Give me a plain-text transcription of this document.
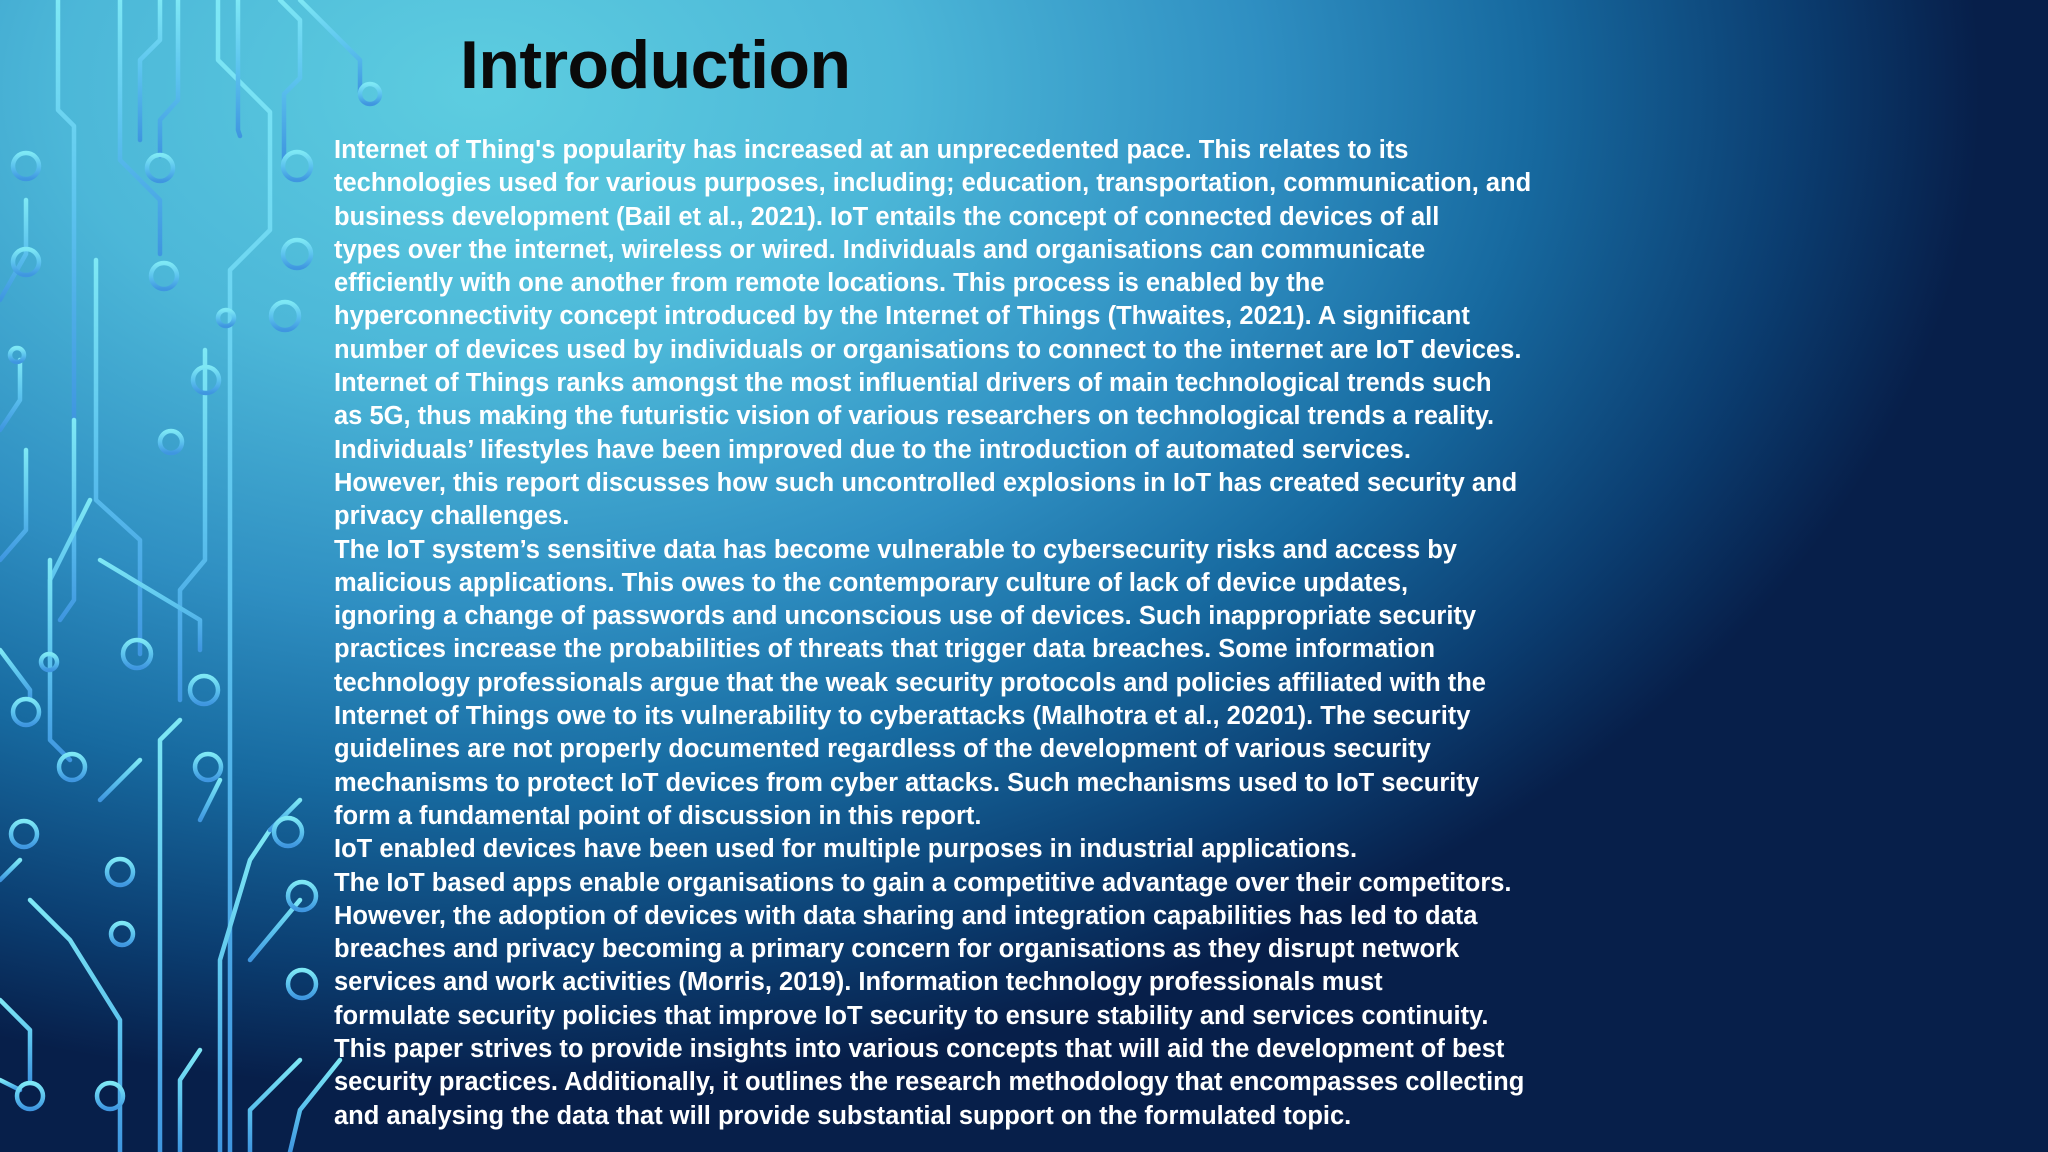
Introduction
Internet of Thing's popularity has increased at an unprecedented pace. This relates to its
technologies used for various purposes, including; education, transportation, communication, and
business development (Bail et al., 2021). IoT entails the concept of connected devices of all
types over the internet, wireless or wired. Individuals and organisations can communicate
efficiently with one another from remote locations. This process is enabled by the
hyperconnectivity concept introduced by the Internet of Things (Thwaites, 2021). A significant
number of devices used by individuals or organisations to connect to the internet are IoT devices.
Internet of Things ranks amongst the most influential drivers of main technological trends such
as 5G, thus making the futuristic vision of various researchers on technological trends a reality.
Individuals’ lifestyles have been improved due to the introduction of automated services.
However, this report discusses how such uncontrolled explosions in IoT has created security and
privacy challenges.
The IoT system’s sensitive data has become vulnerable to cybersecurity risks and access by
malicious applications. This owes to the contemporary culture of lack of device updates,
ignoring a change of passwords and unconscious use of devices. Such inappropriate security
practices increase the probabilities of threats that trigger data breaches. Some information
technology professionals argue that the weak security protocols and policies affiliated with the
Internet of Things owe to its vulnerability to cyberattacks (Malhotra et al., 20201). The security
guidelines are not properly documented regardless of the development of various security
mechanisms to protect IoT devices from cyber attacks. Such mechanisms used to IoT security
form a fundamental point of discussion in this report.
IoT enabled devices have been used for multiple purposes in industrial applications.
The IoT based apps enable organisations to gain a competitive advantage over their competitors.
However, the adoption of devices with data sharing and integration capabilities has led to data
breaches and privacy becoming a primary concern for organisations as they disrupt network
services and work activities (Morris, 2019). Information technology professionals must
formulate security policies that improve IoT security to ensure stability and services continuity.
This paper strives to provide insights into various concepts that will aid the development of best
security practices. Additionally, it outlines the research methodology that encompasses collecting
and analysing the data that will provide substantial support on the formulated topic.
